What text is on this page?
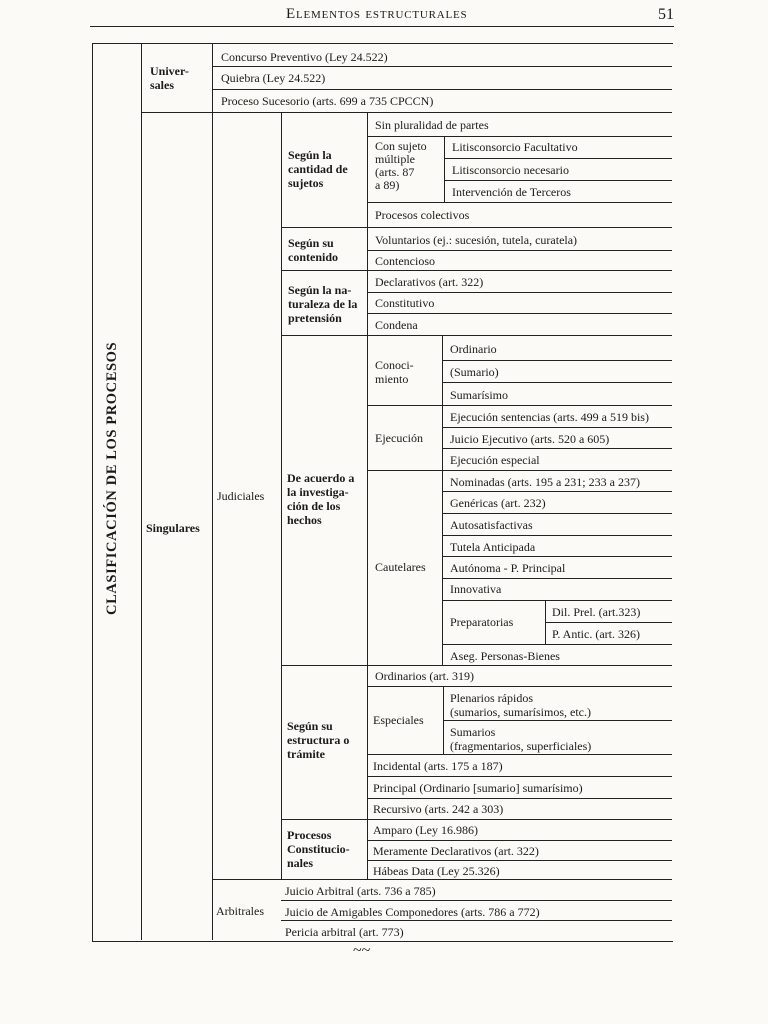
Elementos estructurales	51
CLASIFICACIÓN DE LOS PROCESOS
Univer-
sales
Concurso Preventivo (Ley 24.522)
Quiebra (Ley 24.522)
Proceso Sucesorio (arts. 699 a 735 CPCCN)
Singulares
Judiciales
Arbitrales
Según la
cantidad de
sujetos
Sin pluralidad de partes
Con sujeto
múltiple
(arts. 87
a 89)
Litisconsorcio Facultativo
Litisconsorcio necesario
Intervención de Terceros
Procesos colectivos
Según su
contenido
Voluntarios (ej.: sucesión, tutela, curatela)
Contencioso
Según la na-
turaleza de la
pretensión
Declarativos (art. 322)
Constitutivo
Condena
De acuerdo a
la investiga-
ción de los
hechos
Conoci-
miento
Ordinario
(Sumario)
Sumarísimo
Ejecución
Ejecución sentencias (arts. 499 a 519 bis)
Juicio Ejecutivo (arts. 520 a 605)
Ejecución especial
Cautelares
Nominadas (arts. 195 a 231; 233 a 237)
Genéricas (art. 232)
Autosatisfactivas
Tutela Anticipada
Autónoma - P. Principal
Innovativa
Preparatorias
Dil. Prel. (art.323)
P. Antic. (art. 326)
Aseg. Personas-Bienes
Según su
estructura o
trámite
Ordinarios (art. 319)
Especiales
Plenarios rápidos
(sumarios, sumarísimos, etc.)
Sumarios
(fragmentarios, superficiales)
Incidental (arts. 175 a 187)
Principal (Ordinario [sumario] sumarísimo)
Recursivo (arts. 242 a 303)
Procesos
Constitucio-
nales
Amparo (Ley 16.986)
Meramente Declarativos (art. 322)
Hábeas Data (Ley 25.326)
Juicio Arbitral (arts. 736 a 785)
Juicio de Amigables Componedores (arts. 786 a 772)
Pericia arbitral (art. 773)
~~
